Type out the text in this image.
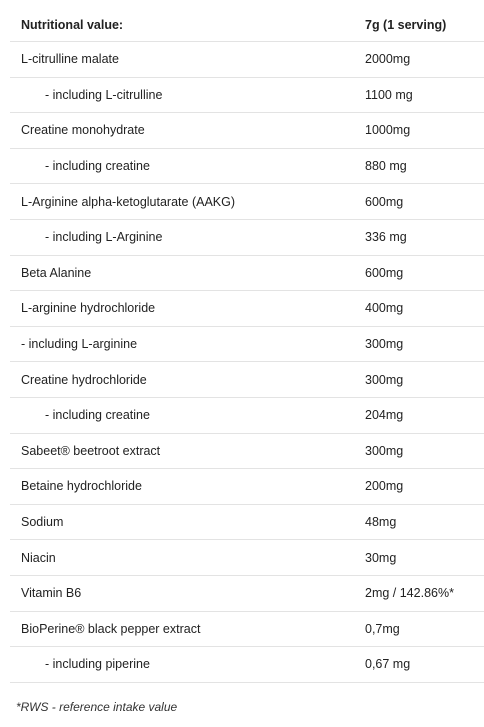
Nutritional value:	7g (1 serving)
L-citrulline malate	2000mg
- including L-citrulline	1100 mg
Creatine monohydrate	1000mg
- including creatine	880 mg
L-Arginine alpha-ketoglutarate (AAKG)	600mg
- including L-Arginine	336 mg
Beta Alanine	600mg
L-arginine hydrochloride	400mg
- including L-arginine	300mg
Creatine hydrochloride	300mg
- including creatine	204mg
Sabeet® beetroot extract	300mg
Betaine hydrochloride	200mg
Sodium	48mg
Niacin	30mg
Vitamin B6	2mg / 142.86%*
BioPerine® black pepper extract	0,7mg
- including piperine	0,67 mg
*RWS - reference intake value
